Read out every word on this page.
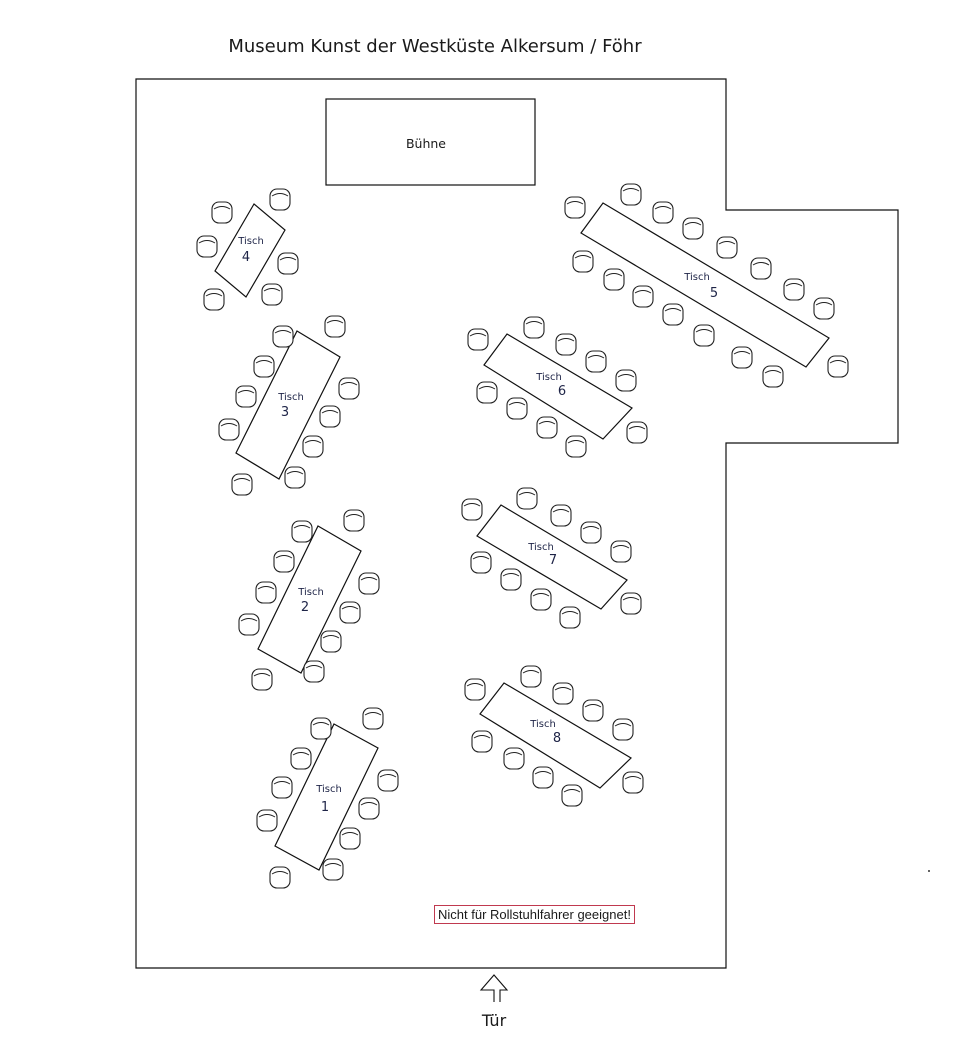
Museum Kunst der Westküste Alkersum / Föhr
Bühne
Tisch
1
Tisch
2
Tisch
3
Tisch
4
Tisch
5
Tisch
6
Tisch
7
Tisch
8
Tür
Nicht für Rollstuhlfahrer geeignet!
